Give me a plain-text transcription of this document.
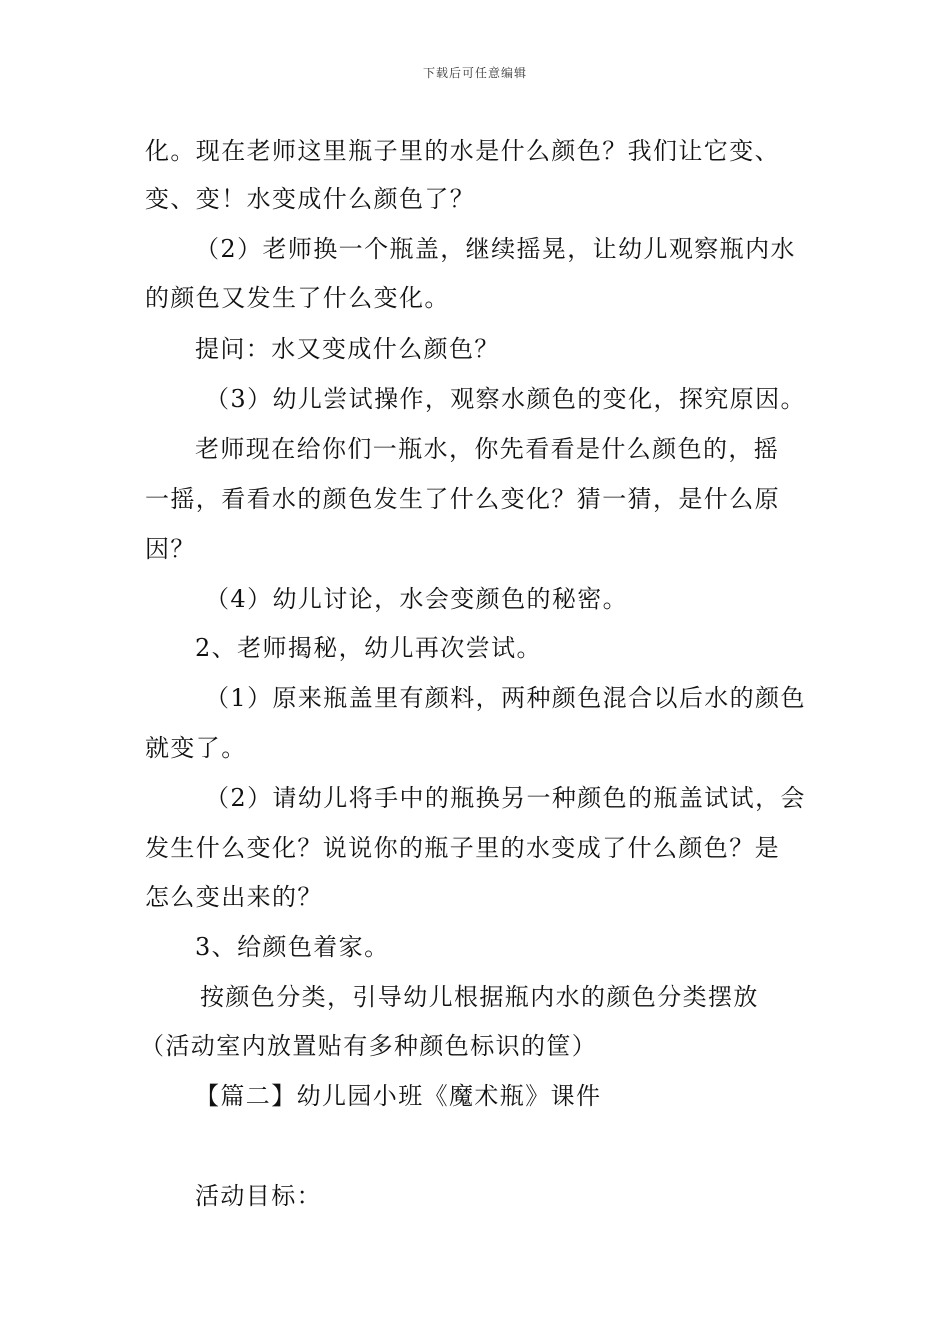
下载后可任意编辑
化。现在老师这里瓶子里的水是什么颜色？我们让它变、
变、变！水变成什么颜色了？
（2）老师换一个瓶盖，继续摇晃，让幼儿观察瓶内水
的颜色又发生了什么变化。
提问：水又变成什么颜色？
（3）幼儿尝试操作，观察水颜色的变化，探究原因。
老师现在给你们一瓶水，你先看看是什么颜色的，摇
一摇，看看水的颜色发生了什么变化？猜一猜，是什么原
因？
（4）幼儿讨论，水会变颜色的秘密。
2、老师揭秘，幼儿再次尝试。
（1）原来瓶盖里有颜料，两种颜色混合以后水的颜色
就变了。
（2）请幼儿将手中的瓶换另一种颜色的瓶盖试试，会
发生什么变化？说说你的瓶子里的水变成了什么颜色？是
怎么变出来的？
3、给颜色着家。
按颜色分类，引导幼儿根据瓶内水的颜色分类摆放
（活动室内放置贴有多种颜色标识的筐）
【篇二】幼儿园小班《魔术瓶》课件
活动目标：
